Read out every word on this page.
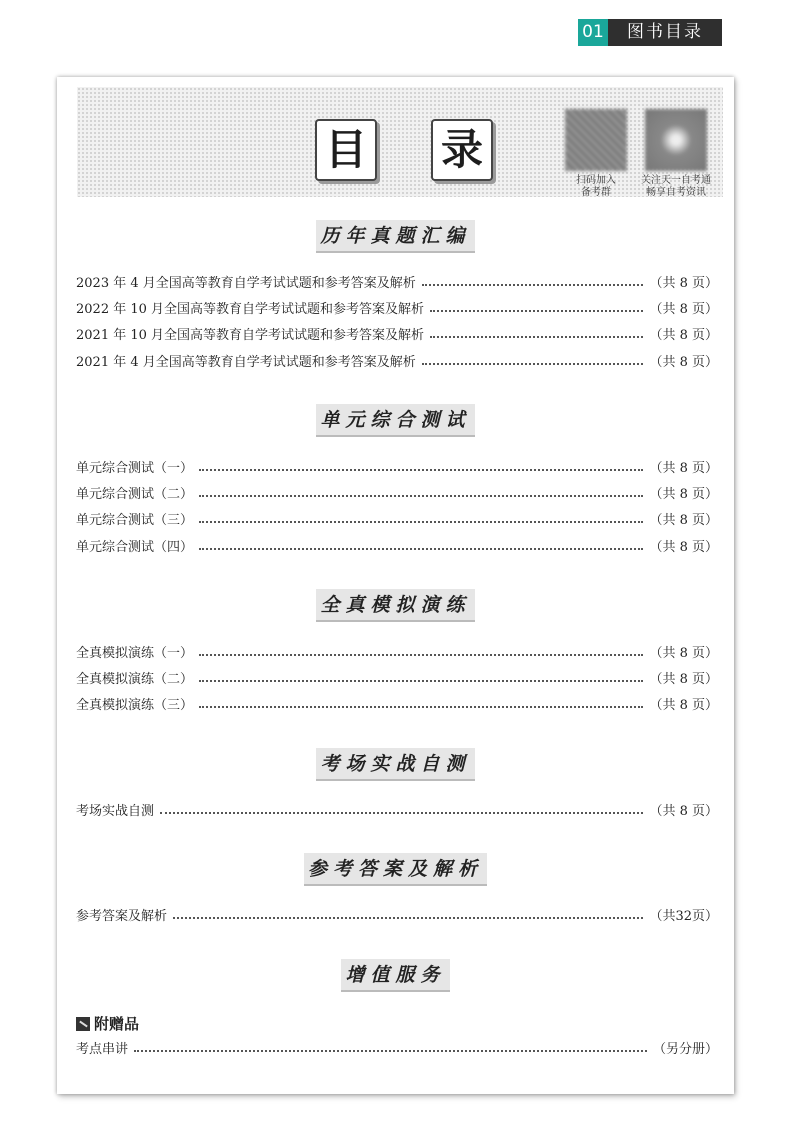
01	图书目录
目 录
扫码加入
备考群
关注天一自考通
畅享自考资讯
历年真题汇编
2023 年 4 月全国高等教育自学考试试题和参考答案及解析	（共 8 页）
2022 年 10 月全国高等教育自学考试试题和参考答案及解析	（共 8 页）
2021 年 10 月全国高等教育自学考试试题和参考答案及解析	（共 8 页）
2021 年 4 月全国高等教育自学考试试题和参考答案及解析	（共 8 页）
单元综合测试
单元综合测试（一）	（共 8 页）
单元综合测试（二）	（共 8 页）
单元综合测试（三）	（共 8 页）
单元综合测试（四）	（共 8 页）
全真模拟演练
全真模拟演练（一）	（共 8 页）
全真模拟演练（二）	（共 8 页）
全真模拟演练（三）	（共 8 页）
考场实战自测
考场实战自测	（共 8 页）
参考答案及解析
参考答案及解析	（共32页）
增值服务
附赠品
考点串讲	（另分册）
